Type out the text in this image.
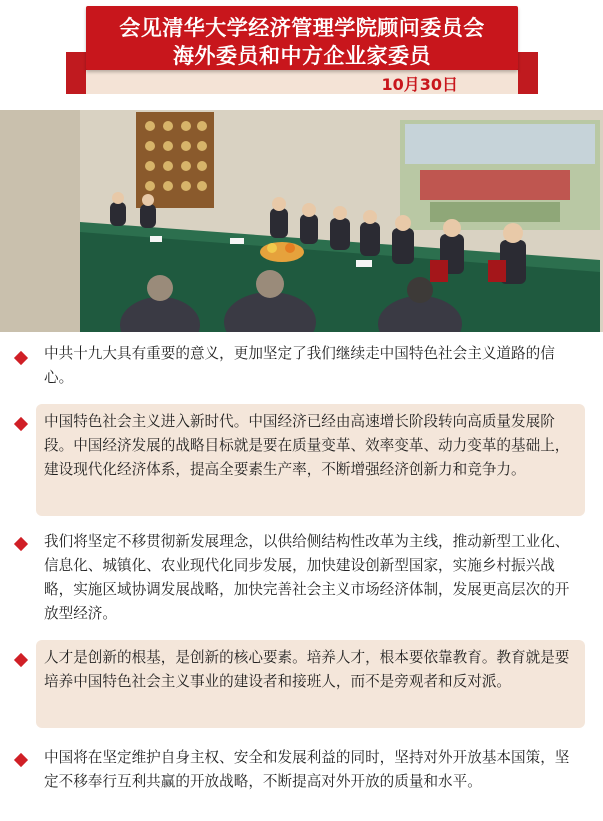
10月30日
会见清华大学经济管理学院顾问委员会
海外委员和中方企业家委员
中共十九大具有重要的意义，更加坚定了我们继续走中国特色社会主义道路的信心。
中国特色社会主义进入新时代。中国经济已经由高速增长阶段转向高质量发展阶段。中国经济发展的战略目标就是要在质量变革、效率变革、动力变革的基础上，建设现代化经济体系，提高全要素生产率，不断增强经济创新力和竞争力。
我们将坚定不移贯彻新发展理念，以供给侧结构性改革为主线，推动新型工业化、信息化、城镇化、农业现代化同步发展，加快建设创新型国家，实施乡村振兴战略，实施区域协调发展战略，加快完善社会主义市场经济体制，发展更高层次的开放型经济。
人才是创新的根基，是创新的核心要素。培养人才，根本要依靠教育。教育就是要培养中国特色社会主义事业的建设者和接班人，而不是旁观者和反对派。
中国将在坚定维护自身主权、安全和发展利益的同时，坚持对外开放基本国策，坚定不移奉行互利共赢的开放战略，不断提高对外开放的质量和水平。
